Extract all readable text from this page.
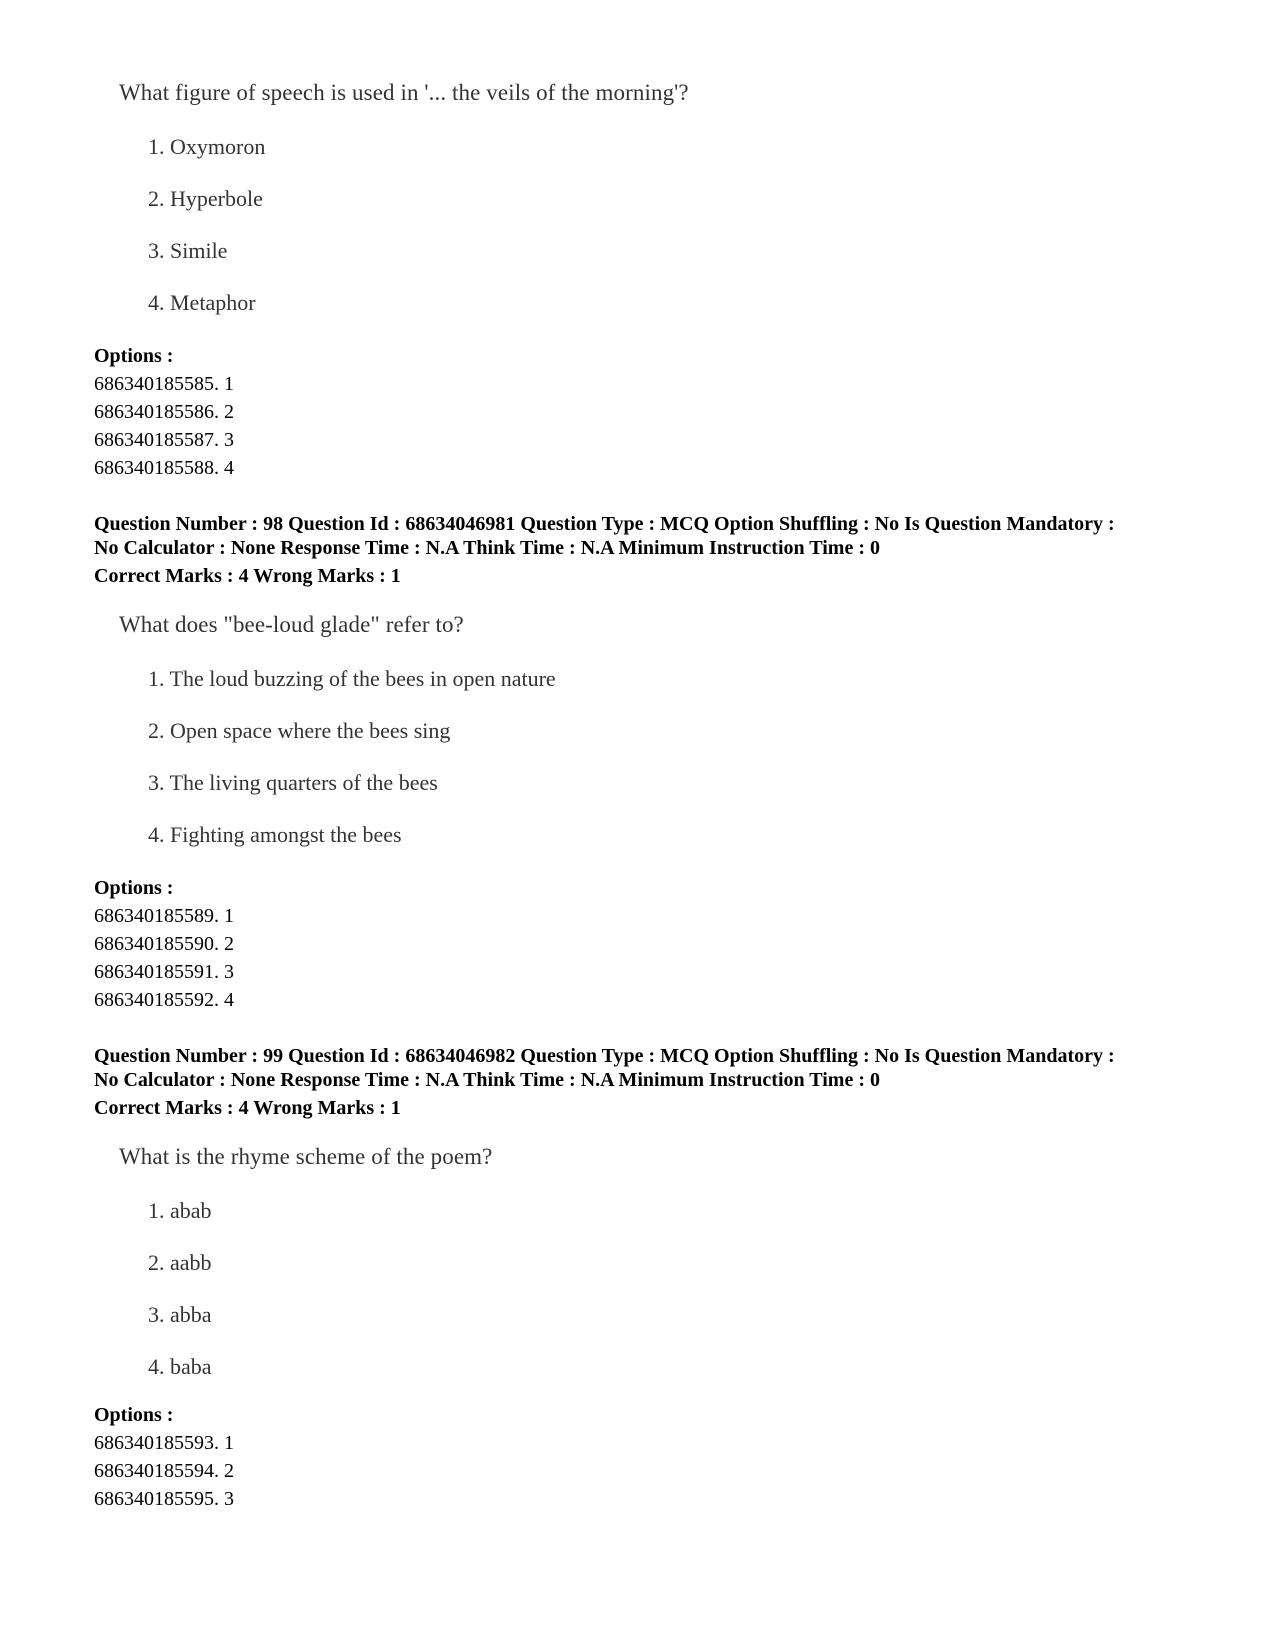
What figure of speech is used in '... the veils of the morning'?
1. Oxymoron
2. Hyperbole
3. Simile
4. Metaphor
Options :
686340185585. 1
686340185586. 2
686340185587. 3
686340185588. 4
Question Number : 98 Question Id : 68634046981 Question Type : MCQ Option Shuffling : No Is Question Mandatory :
No Calculator : None Response Time : N.A Think Time : N.A Minimum Instruction Time : 0
Correct Marks : 4 Wrong Marks : 1
What does "bee-loud glade" refer to?
1. The loud buzzing of the bees in open nature
2. Open space where the bees sing
3. The living quarters of the bees
4. Fighting amongst the bees
Options :
686340185589. 1
686340185590. 2
686340185591. 3
686340185592. 4
Question Number : 99 Question Id : 68634046982 Question Type : MCQ Option Shuffling : No Is Question Mandatory :
No Calculator : None Response Time : N.A Think Time : N.A Minimum Instruction Time : 0
Correct Marks : 4 Wrong Marks : 1
What is the rhyme scheme of the poem?
1. abab
2. aabb
3. abba
4. baba
Options :
686340185593. 1
686340185594. 2
686340185595. 3
